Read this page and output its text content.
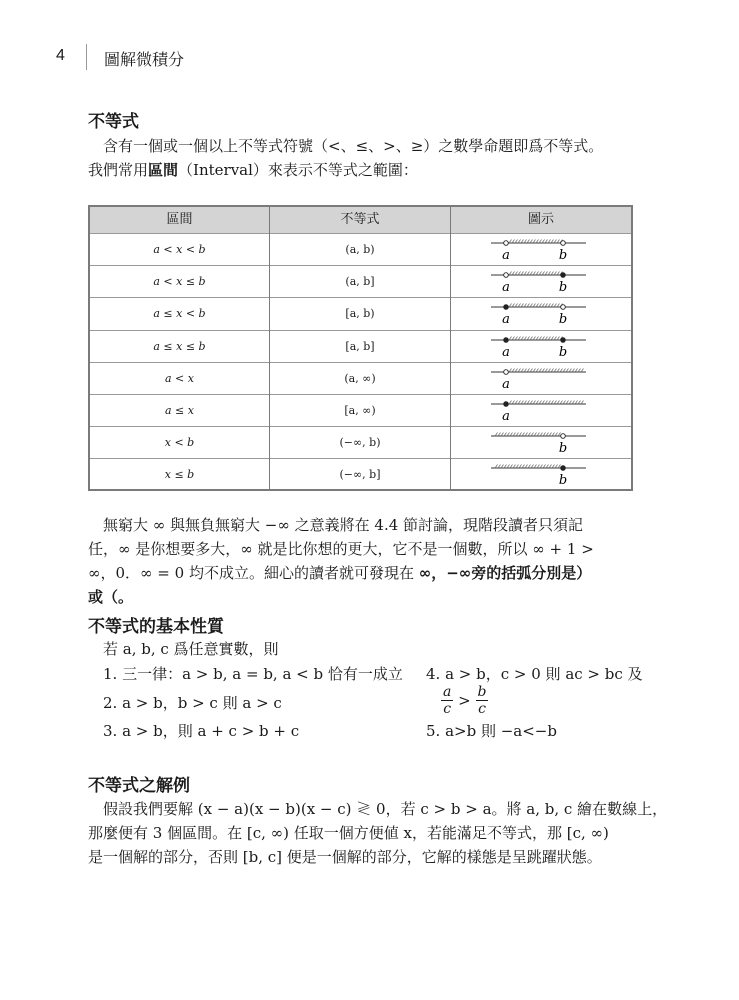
4 圖解微積分
不等式
含有一個或一個以上不等式符號（<、≤、>、≥）之數學命題即爲不等式。
我們常用區間（Interval）來表示不等式之範圍：
區間	不等式	圖示
a < x < b	(a, b)	a	b
a < x ≤ b	(a, b]	a	b
a ≤ x < b	[a, b)	a	b
a ≤ x ≤ b	[a, b]	a	b
a < x	(a, ∞)	a
a ≤ x	[a, ∞)	a
x < b	(−∞, b)	b
x ≤ b	(−∞, b]	b
無窮大 ∞ 與無負無窮大 −∞ 之意義將在 4.4 節討論，現階段讀者只須記
任，∞ 是你想要多大，∞ 就是比你想的更大，它不是一個數，所以 ∞ + 1 >
∞，0．∞ = 0 均不成立。細心的讀者就可發現在 ∞，−∞旁的括弧分別是）
或（。
不等式的基本性質
若 a, b, c 爲任意實數，則
1. 三一律：a > b, a = b, a < b 恰有一成立
2. a > b，b > c 則 a > c
3. a > b，則 a + c > b + c
4. a > b，c > 0 則 ac > bc 及
$\frac{a}{c} > \frac{b}{c}$
5. a>b 則 −a<−b
不等式之解例
假設我們要解 (x − a)(x − b)(x − c) ≷ 0，若 c > b > a。將 a, b, c 繪在數線上，
那麼便有 3 個區間。在 [c, ∞) 任取一個方便値 x，若能滿足不等式，那 [c, ∞)
是一個解的部分，否則 [b, c] 便是一個解的部分，它解的樣態是呈跳躍狀態。
